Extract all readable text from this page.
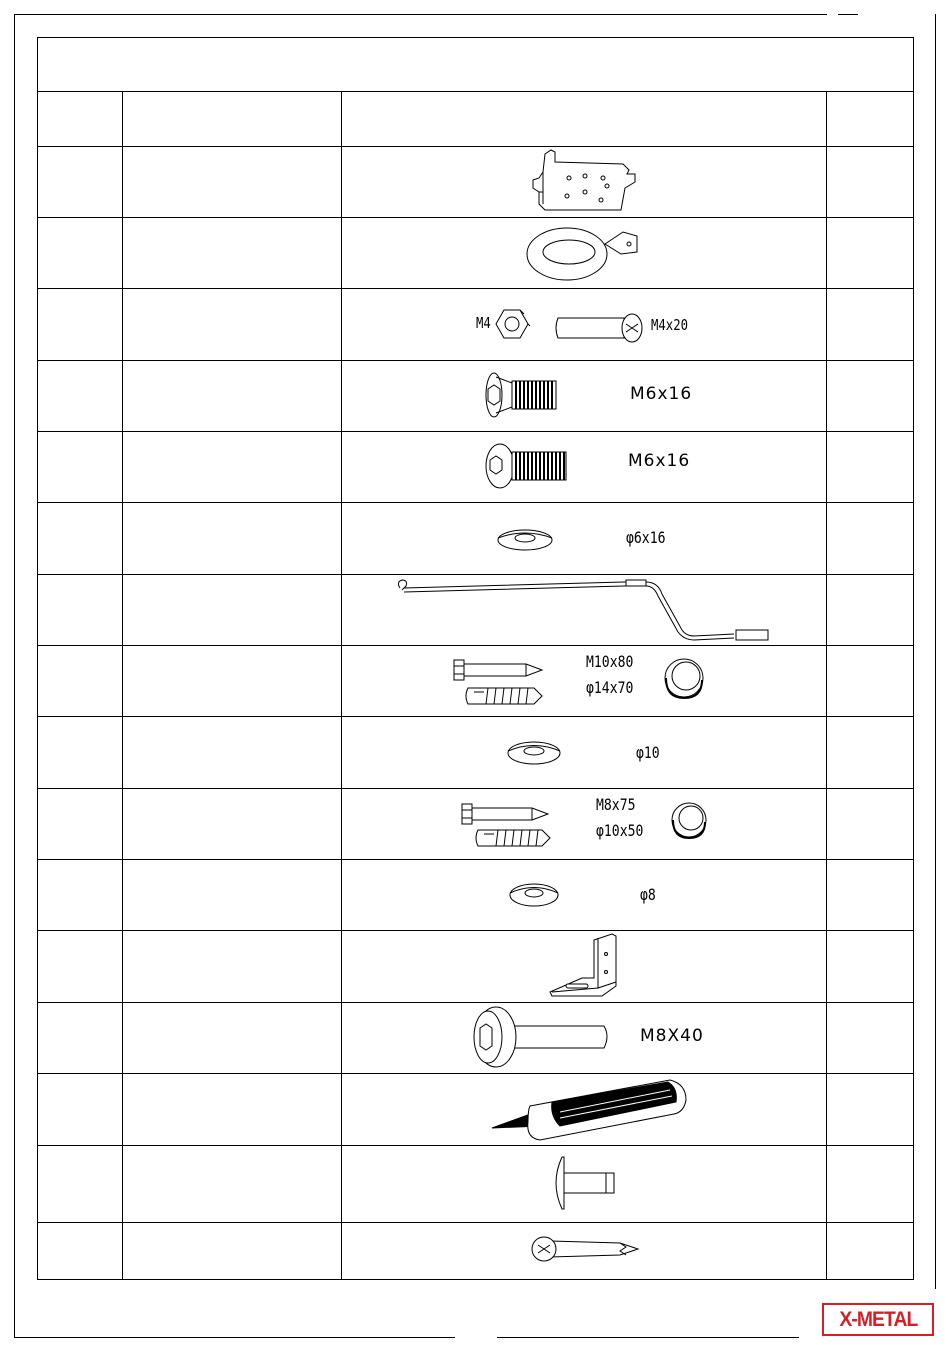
M4	M4x20
M6x16
M6x16
φ6x16
M10x80
φ14x70
φ10
M8x75
φ10x50
φ8
M8X40
X-METAL
